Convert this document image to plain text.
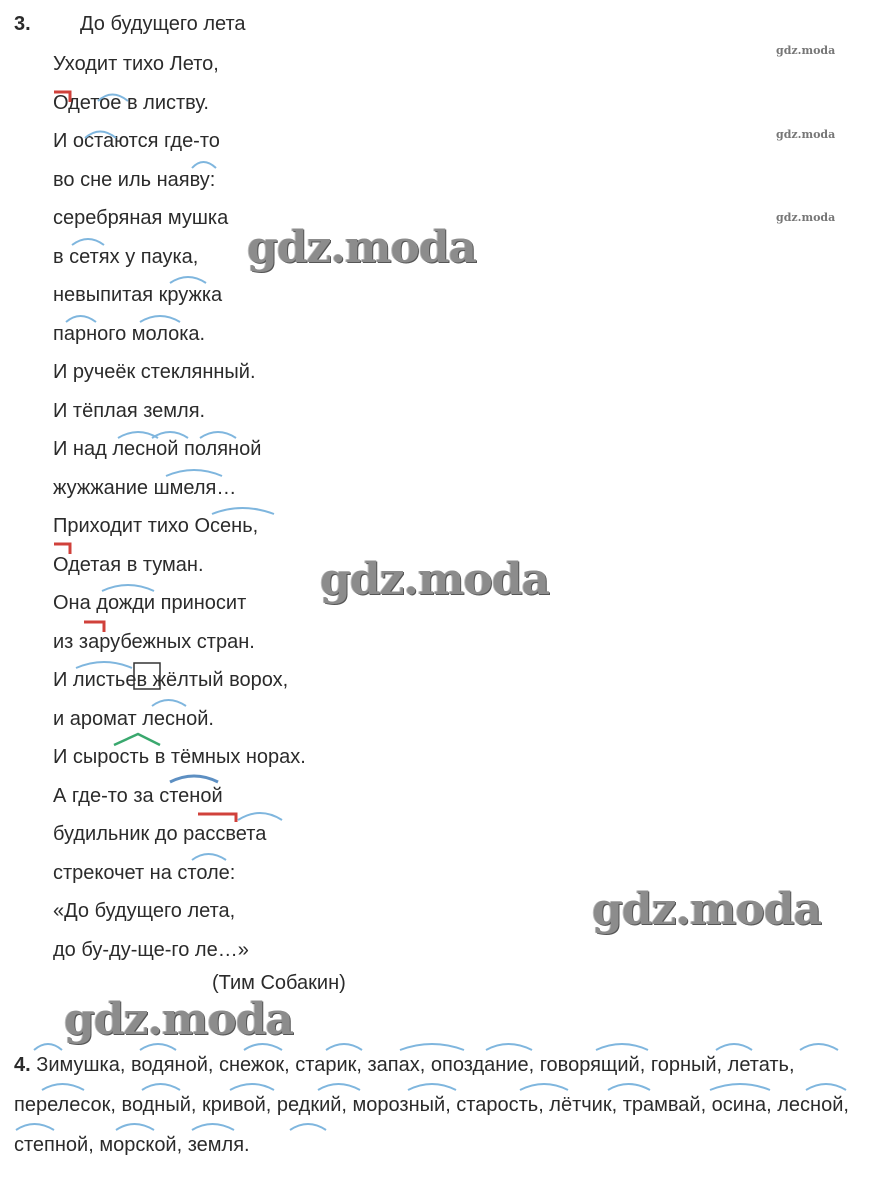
3. До будущего лета
Уходит тихо Лето,
Одетое в листву.
И остаются где-то
во сне иль наяву:
серебряная мушка
в сетях у паука,
невыпитая кружка
парного молока.
И ручеёк стеклянный.
И тёплая земля.
И над лесной поляной
жужжание шмеля…
Приходит тихо Осень,
Одетая в туман.
Она дожди приносит
из зарубежных стран.
И листьев жёлтый ворох,
и аромат лесной.
И сырость в тёмных норах.
А где-то за стеной
будильник до рассвета
стрекочет на столе:
«До будущего лета,
до бу-ду-ще-го ле…»
(Тим Собакин)

4. Зимушка, водяной, снежок, старик, запах, опоздание, говорящий, горный, летать, перелесок, водный, кривой, редкий, морозный, старость, лётчик, трамвай, осина, лесной, степной, морской, земля.

gdz.moda
gdz.moda
gdz.moda
gdz.moda
gdz.moda
gdz.moda
gdz.moda
